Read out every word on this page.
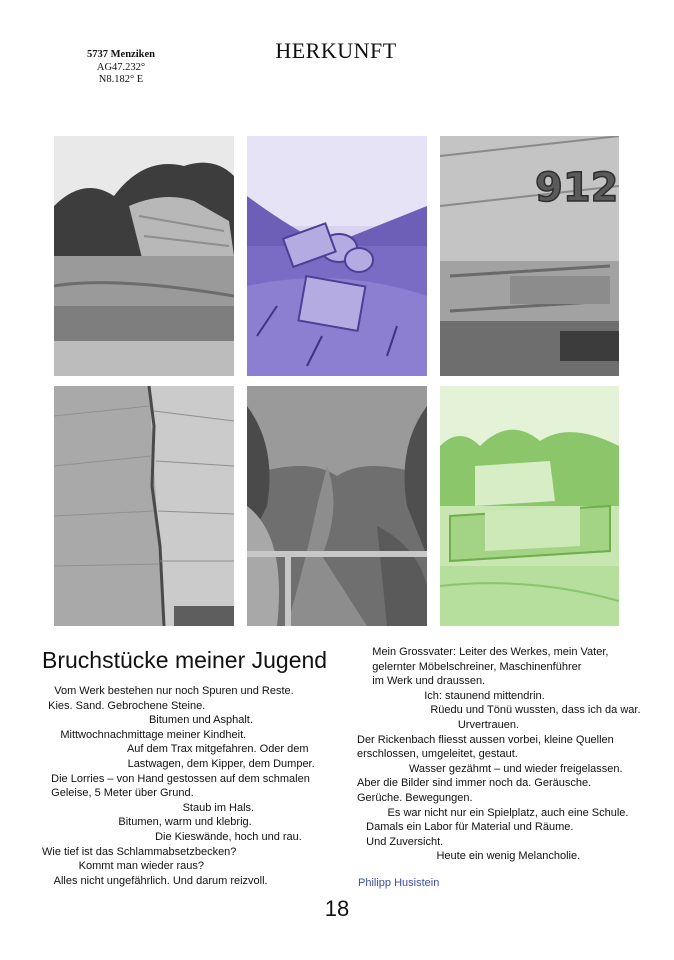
5737 Menziken
AG47.232°
N8.182° E
HERKUNFT
912
Bruchstücke meiner Jugend
Vom Werk bestehen nur noch Spuren und Reste.
Kies. Sand. Gebrochene Steine.
Bitumen und Asphalt.
Mittwochnachmittage meiner Kindheit.
Auf dem Trax mitgefahren. Oder dem
Lastwagen, dem Kipper, dem Dumper.
Die Lorries – von Hand gestossen auf dem schmalen
Geleise, 5 Meter über Grund.
Staub im Hals.
Bitumen, warm und klebrig.
Die Kieswände, hoch und rau.
Wie tief ist das Schlammabsetzbecken?
Kommt man wieder raus?
Alles nicht ungefährlich. Und darum reizvoll.
Mein Grossvater: Leiter des Werkes, mein Vater,
gelernter Möbelschreiner, Maschinenführer
im Werk und draussen.
Ich: staunend mittendrin.
Rüedu und Tönü wussten, dass ich da war.
Urvertrauen.
Der Rickenbach fliesst aussen vorbei, kleine Quellen
erschlossen, umgeleitet, gestaut.
Wasser gezähmt – und wieder freigelassen.
Aber die Bilder sind immer noch da. Geräusche.
Gerüche. Bewegungen.
Es war nicht nur ein Spielplatz, auch eine Schule.
Damals ein Labor für Material und Räume.
Und Zuversicht.
Heute ein wenig Melancholie.
Philipp Husistein
18
